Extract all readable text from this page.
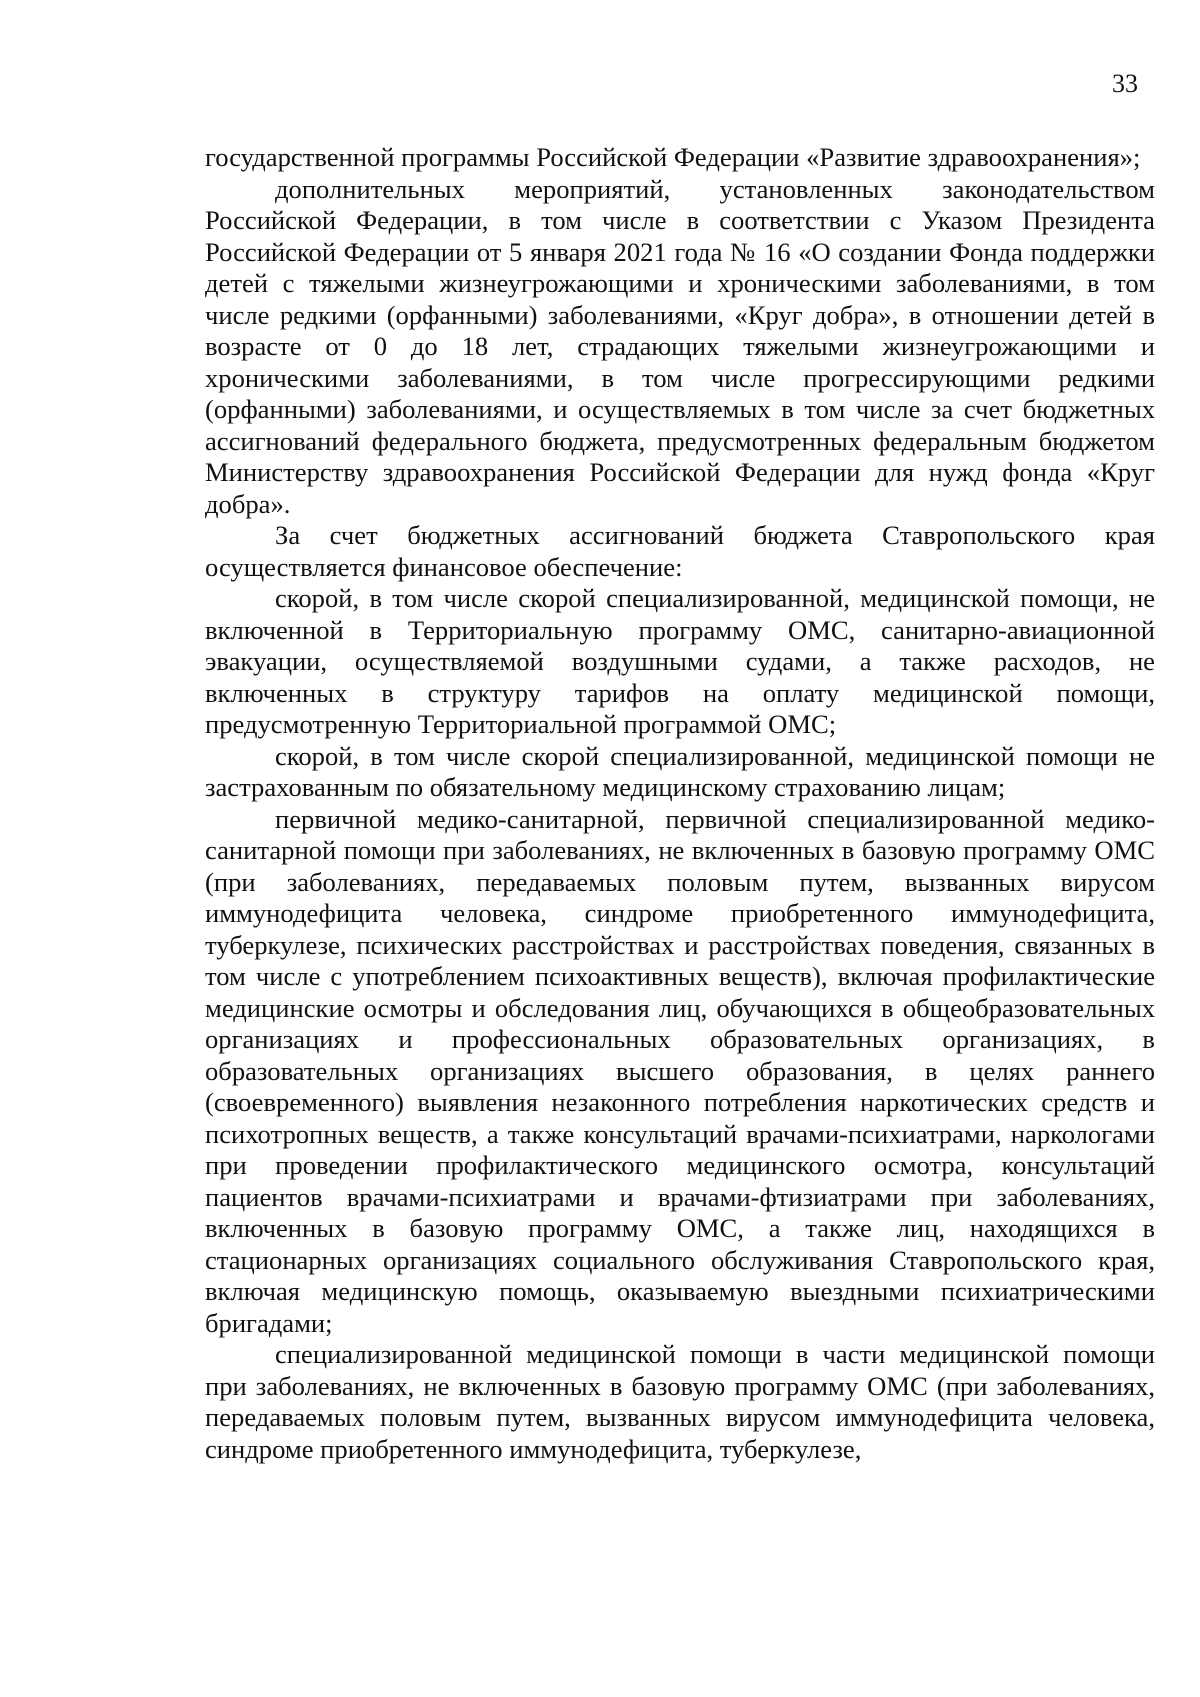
33

государственной программы Российской Федерации «Развитие здравоохранения»;

дополнительных мероприятий, установленных законодательством Российской Федерации, в том числе в соответствии с Указом Президента Российской Федерации от 5 января 2021 года № 16 «О создании Фонда поддержки детей с тяжелыми жизнеугрожающими и хроническими заболеваниями, в том числе редкими (орфанными) заболеваниями, «Круг добра», в отношении детей в возрасте от 0 до 18 лет, страдающих тяжелыми жизнеугрожающими и хроническими заболеваниями, в том числе прогрессирующими редкими (орфанными) заболеваниями, и осуществляемых в том числе за счет бюджетных ассигнований федерального бюджета, предусмотренных федеральным бюджетом Министерству здравоохранения Российской Федерации для нужд фонда «Круг добра».

За счет бюджетных ассигнований бюджета Ставропольского края осуществляется финансовое обеспечение:

скорой, в том числе скорой специализированной, медицинской помощи, не включенной в Территориальную программу ОМС, санитарно-авиационной эвакуации, осуществляемой воздушными судами, а также расходов, не включенных в структуру тарифов на оплату медицинской помощи, предусмотренную Территориальной программой ОМС;

скорой, в том числе скорой специализированной, медицинской помощи не застрахованным по обязательному медицинскому страхованию лицам;

первичной медико-санитарной, первичной специализированной медико-санитарной помощи при заболеваниях, не включенных в базовую программу ОМС (при заболеваниях, передаваемых половым путем, вызванных вирусом иммунодефицита человека, синдроме приобретенного иммунодефицита, туберкулезе, психических расстройствах и расстройствах поведения, связанных в том числе с употреблением психоактивных веществ), включая профилактические медицинские осмотры и обследования лиц, обучающихся в общеобразовательных организациях и профессиональных образовательных организациях, в образовательных организациях высшего образования, в целях раннего (своевременного) выявления незаконного потребления наркотических средств и психотропных веществ, а также консультаций врачами-психиатрами, наркологами при проведении профилактического медицинского осмотра, консультаций пациентов врачами-психиатрами и врачами-фтизиатрами при заболеваниях, включенных в базовую программу ОМС, а также лиц, находящихся в стационарных организациях социального обслуживания Ставропольского края, включая медицинскую помощь, оказываемую выездными психиатрическими бригадами;

специализированной медицинской помощи в части медицинской помощи при заболеваниях, не включенных в базовую программу ОМС (при заболеваниях, передаваемых половым путем, вызванных вирусом иммунодефицита человека, синдроме приобретенного иммунодефицита, туберкулезе,
